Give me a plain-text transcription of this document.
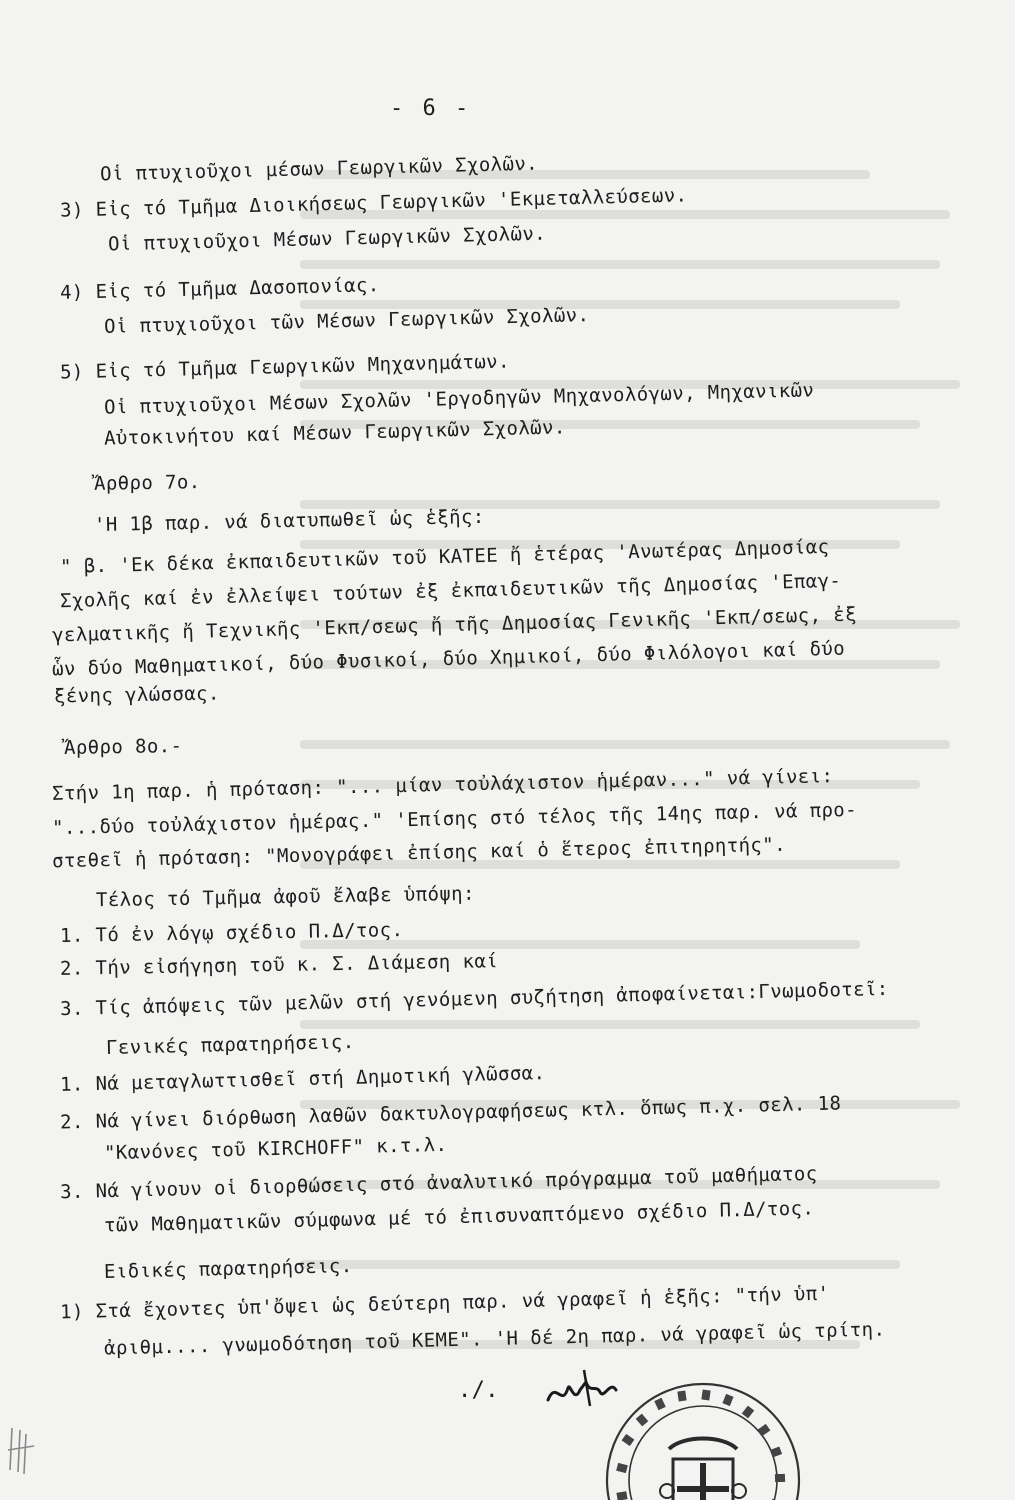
- 6 -
Οἱ πτυχιοῦχοι μέσων Γεωργικῶν Σχολῶν.
3) Εἰς τό Τμῆμα Διοικήσεως Γεωργικῶν 'Εκμεταλλεύσεων.
Οἱ πτυχιοῦχοι Μέσων Γεωργικῶν Σχολῶν.
4) Εἰς τό Τμῆμα Δασοπονίας.
Οἱ πτυχιοῦχοι τῶν Μέσων Γεωργικῶν Σχολῶν.
5) Εἰς τό Τμῆμα Γεωργικῶν Μηχανημάτων.
Οἱ πτυχιοῦχοι Μέσων Σχολῶν 'Εργοδηγῶν Μηχανολόγων, Μηχανικῶν
Αὐτοκινήτου καί Μέσων Γεωργικῶν Σχολῶν.
Ἄρθρο 7ο.
'Η 1β παρ. νά διατυπωθεῖ ὡς ἑξῆς:
" β. 'Εκ δέκα ἐκπαιδευτικῶν τοῦ ΚΑΤΕΕ ἤ ἑτέρας 'Ανωτέρας Δημοσίας
Σχολῆς καί ἐν ἐλλείψει τούτων ἐξ ἐκπαιδευτικῶν τῆς Δημοσίας 'Επαγ-
γελματικῆς ἤ Τεχνικῆς 'Εκπ/σεως ἤ τῆς Δημοσίας Γενικῆς 'Εκπ/σεως, ἐξ
ὧν δύο Μαθηματικοί, δύο Φυσικοί, δύο Χημικοί, δύο Φιλόλογοι καί δύο
ξένης γλώσσας.
Ἄρθρο 8ο.-
Στήν 1η παρ. ἡ πρόταση: "... μίαν τοὐλάχιστον ἡμέραν..." νά γίνει:
"...δύο τοὐλάχιστον ἡμέρας." 'Επίσης στό τέλος τῆς 14ης παρ. νά προ-
στεθεῖ ἡ πρόταση: "Μονογράφει ἐπίσης καί ὁ ἕτερος ἐπιτηρητής".
Τέλος τό Τμῆμα ἀφοῦ ἔλαβε ὑπόψη:
1. Τό ἐν λόγῳ σχέδιο Π.Δ/τος.
2. Τήν εἰσήγηση τοῦ κ. Σ. Διάμεση καί
3. Τίς ἀπόψεις τῶν μελῶν στή γενόμενη συζήτηση ἀποφαίνεται:Γνωμοδοτεῖ:
Γενικές παρατηρήσεις.
1. Νά μεταγλωττισθεῖ στή Δημοτική γλῶσσα.
2. Νά γίνει διόρθωση λαθῶν δακτυλογραφήσεως κτλ. ὅπως π.χ. σελ. 18
"Κανόνες τοῦ KIRCHOFF" κ.τ.λ.
3. Νά γίνουν οἱ διορθώσεις στό ἀναλυτικό πρόγραμμα τοῦ μαθήματος
τῶν Μαθηματικῶν σύμφωνα μέ τό ἐπισυναπτόμενο σχέδιο Π.Δ/τος.
Ειδικές παρατηρήσεις.
1) Στά ἔχοντες ὑπ'ὄψει ὡς δεύτερη παρ. νά γραφεῖ ἡ ἑξῆς: "τήν ὑπ'
ἀριθμ.... γνωμοδότηση τοῦ ΚΕΜΕ". 'Η δέ 2η παρ. νά γραφεῖ ὡς τρίτη.
./.
